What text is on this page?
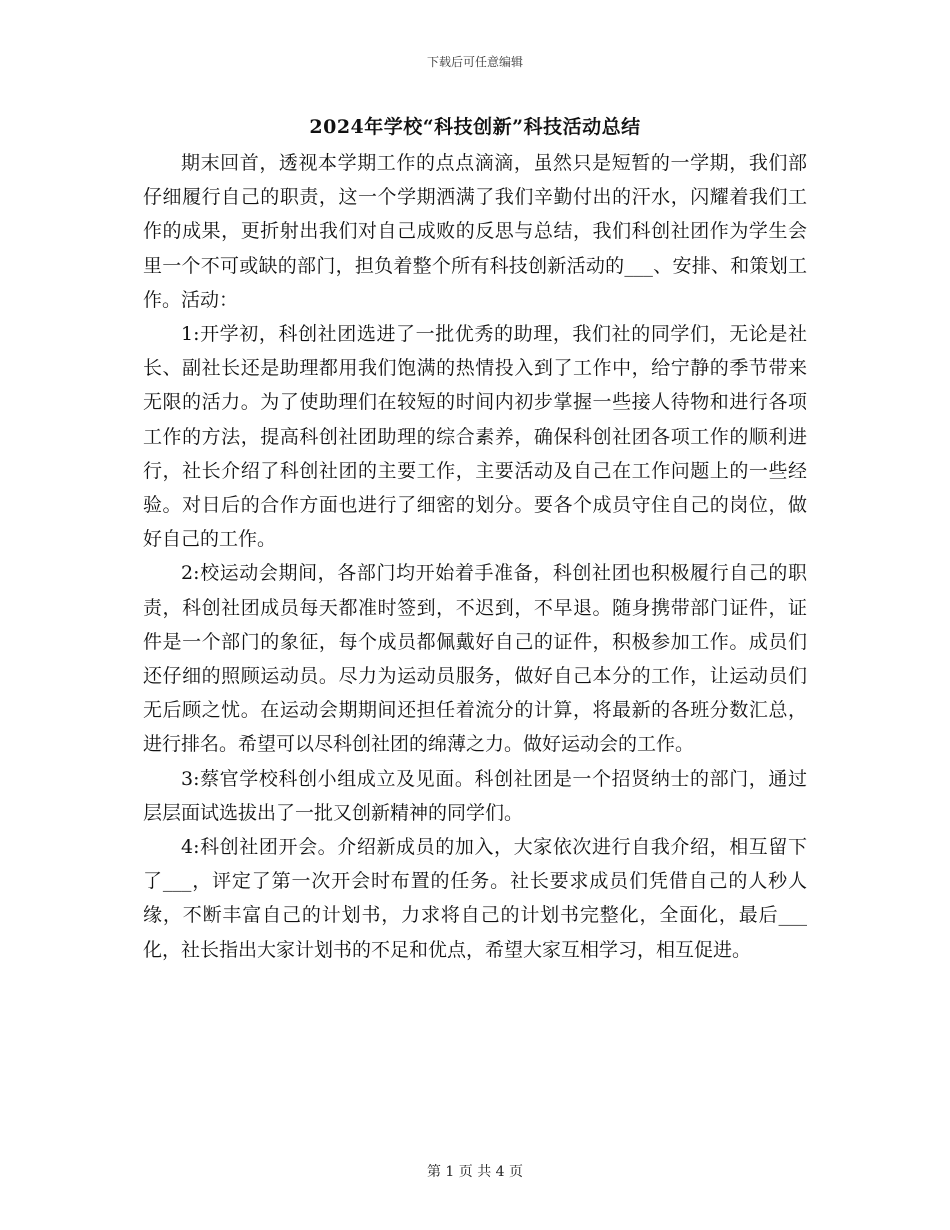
下载后可任意编辑
2024年学校“科技创新”科技活动总结

期末回首，透视本学期工作的点点滴滴，虽然只是短暂的一学期，我们部仔细履行自己的职责，这一个学期洒满了我们辛勤付出的汗水，闪耀着我们工作的成果，更折射出我们对自己成败的反思与总结，我们科创社团作为学生会里一个不可或缺的部门，担负着整个所有科技创新活动的___、安排、和策划工作。活动：

1:开学初，科创社团选进了一批优秀的助理，我们社的同学们，无论是社长、副社长还是助理都用我们饱满的热情投入到了工作中，给宁静的季节带来无限的活力。为了使助理们在较短的时间内初步掌握一些接人待物和进行各项工作的方法，提高科创社团助理的综合素养，确保科创社团各项工作的顺利进行，社长介绍了科创社团的主要工作，主要活动及自己在工作问题上的一些经验。对日后的合作方面也进行了细密的划分。要各个成员守住自己的岗位，做好自己的工作。

2:校运动会期间，各部门均开始着手准备，科创社团也积极履行自己的职责，科创社团成员每天都准时签到，不迟到，不早退。随身携带部门证件，证件是一个部门的象征，每个成员都佩戴好自己的证件，积极参加工作。成员们还仔细的照顾运动员。尽力为运动员服务，做好自己本分的工作，让运动员们无后顾之忧。在运动会期期间还担任着流分的计算，将最新的各班分数汇总，进行排名。希望可以尽科创社团的绵薄之力。做好运动会的工作。

3:蔡官学校科创小组成立及见面。科创社团是一个招贤纳士的部门，通过层层面试选拔出了一批又创新精神的同学们。

4:科创社团开会。介绍新成员的加入，大家依次进行自我介绍，相互留下了___，评定了第一次开会时布置的任务。社长要求成员们凭借自己的人秒人缘，不断丰富自己的计划书，力求将自己的计划书完整化，全面化，最后___化，社长指出大家计划书的不足和优点，希望大家互相学习，相互促进。

第 1 页 共 4 页
